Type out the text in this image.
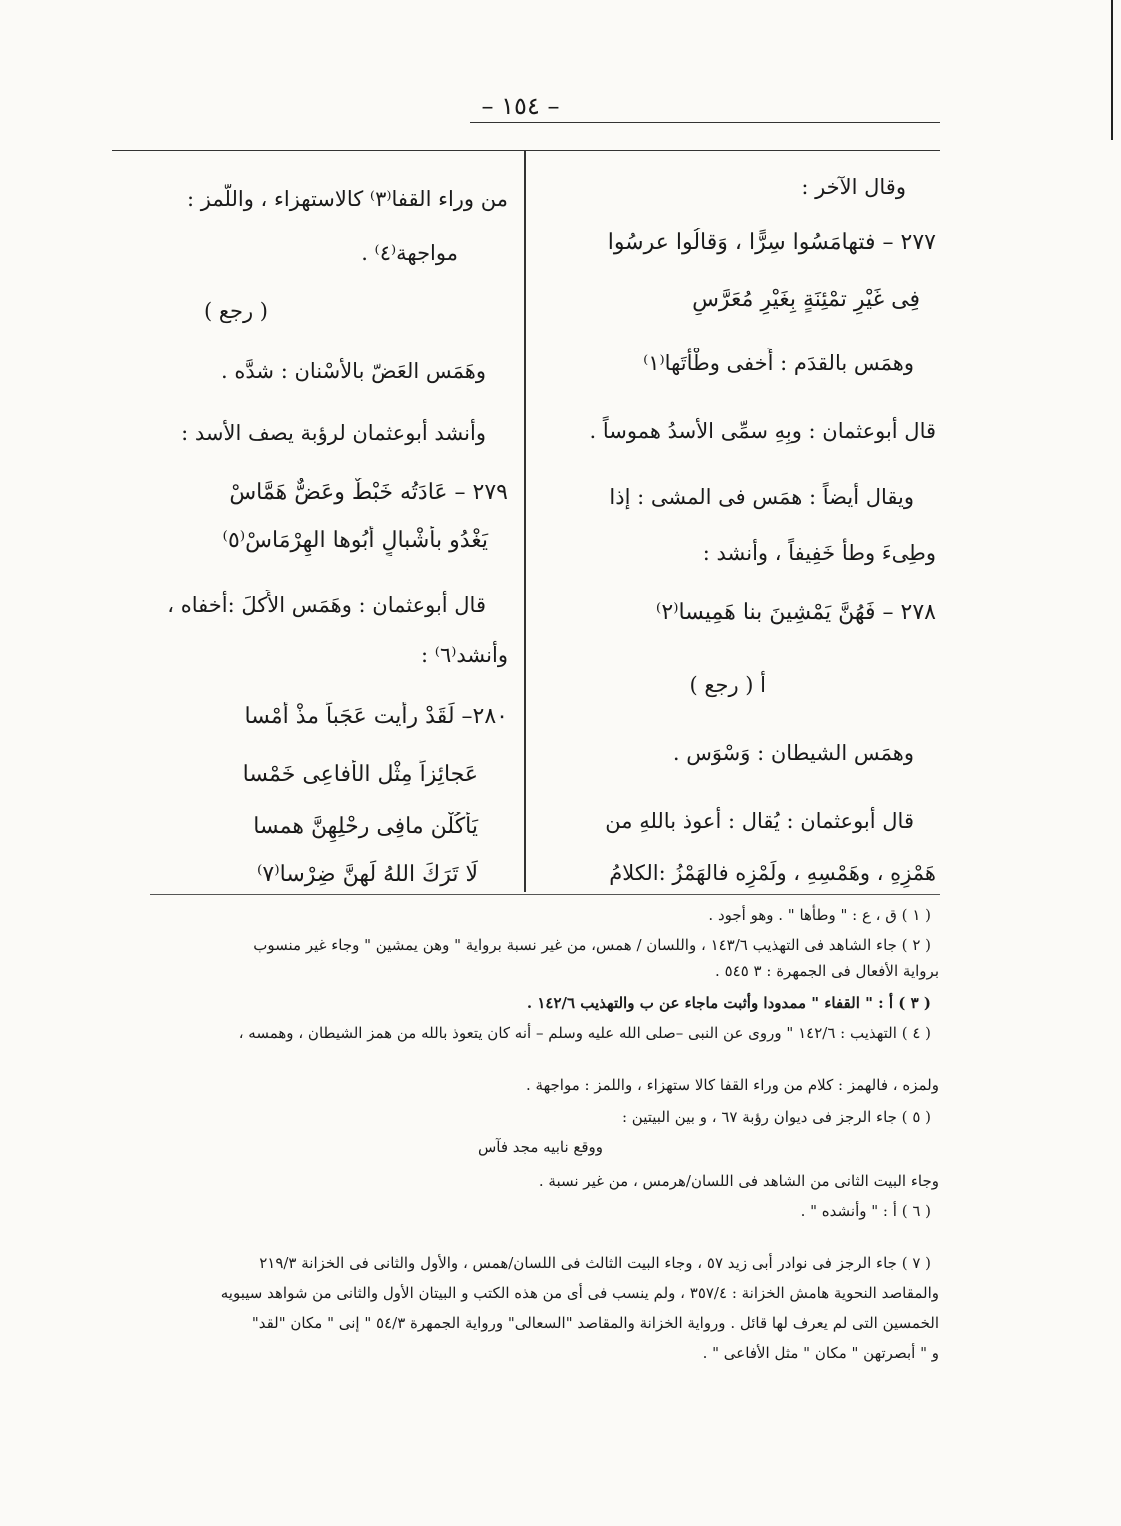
– ١٥٤ –
وقال الآخر :
٢٧٧ – فتهامَسُوا سِرًّا ، وَقالُوا عرسُوا
فِى غَيْرِ تمْئِنَةٍ بِغَيْرِ مُعَرَّسِ
وهمَس بالقدَم : أَخفى وطْأتَها⁽١⁾
قال أبوعثمان : وبِهِ سمِّى الأسدُ هموساً .
ويقال أيضاً : همَس فى المشى : إذا
وطِىءَ وطأً خَفِيفاً ، وأنشد :
٢٧٨ – فَهُنَّ يَمْشِينَ بنا هَمِيسا⁽٢⁾
أ ( رجع )
وهمَس الشيطان : وَسْوَس .
قال أبوعثمان : يُقال : أعوذ باللهِ من
هَمْزِهِ ، وهَمْسِهِ ، ولَمْزِه فالهَمْزُ :الكلامُ
من وراء القفا⁽٣⁾ كالاستهزاء ، واللَّمز :
مواجهة⁽٤⁾ .
( رجع )
وهَمَس العَضّ بالأسْنان : شدَّه .
وأنشد أبوعثمان لرؤبة يصف الأسد :
٢٧٩ – عَادَتُه خَبْطٌ وعَضٌّ هَمَّاسْ
يَغْدُو بأشْبالٍ أَبُوها الهِرْمَاسْ⁽٥⁾
قال أبوعثمان : وهَمَس الأَكلَ :أخفاه ،
وأنشد⁽٦⁾ :
٢٨٠– لَقَدْ رأيت عَجَباً مذْ أمْسا
عَجائِزاً مِثْل الأفاعِى خَمْسا
يَأْكُلْن مافِى رحْلِهِنَّ همسا
لَا تَرَكَ اللهُ لَهنَّ ضِرْسا⁽٧⁾
( ١ ) ق ، ع : " وطأها " . وهو أجود .
( ٢ ) جاء الشاهد فى التهذيب ١٤٣/٦ ، واللسان / همس، من غير نسبة برواية " وهن يمشين " وجاء غير منسوب
برواية الأفعال فى الجمهرة : ٣ ٥٤٥ .
( ٣ ) أ : " القفاء " ممدودا وأثبت ماجاء عن ب والتهذيب ١٤٢/٦ .
( ٤ ) التهذيب : ١٤٢/٦ " وروى عن النبى –صلى الله عليه وسلم – أنه كان يتعوذ بالله من همز الشيطان ، وهمسه ،
ولمزه ، فالهمز : كلام من وراء القفا كالا ستهزاء ، واللمز : مواجهة .
( ٥ ) جاء الرجز فى ديوان رؤبة ٦٧ ، و بين البيتين :
ووقع نابيه مجد فآس
وجاء البيت الثانى من الشاهد فى اللسان/هرمس ، من غير نسبة .
( ٦ ) أ : " وأنشده " .
( ٧ ) جاء الرجز فى نوادر أبى زيد ٥٧ ، وجاء البيت الثالث فى اللسان/همس ، والأول والثانى فى الخزانة ٢١٩/٣
والمقاصد النحوية هامش الخزانة : ٣٥٧/٤ ، ولم ينسب فى أى من هذه الكتب و البيتان الأول والثانى من شواهد سيبويه
الخمسين التى لم يعرف لها قائل . ورواية الخزانة والمقاصد "السعالى" ورواية الجمهرة ٥٤/٣ " إنى " مكان "لقد"
و " أبصرتهن " مكان " مثل الأفاعى " .
